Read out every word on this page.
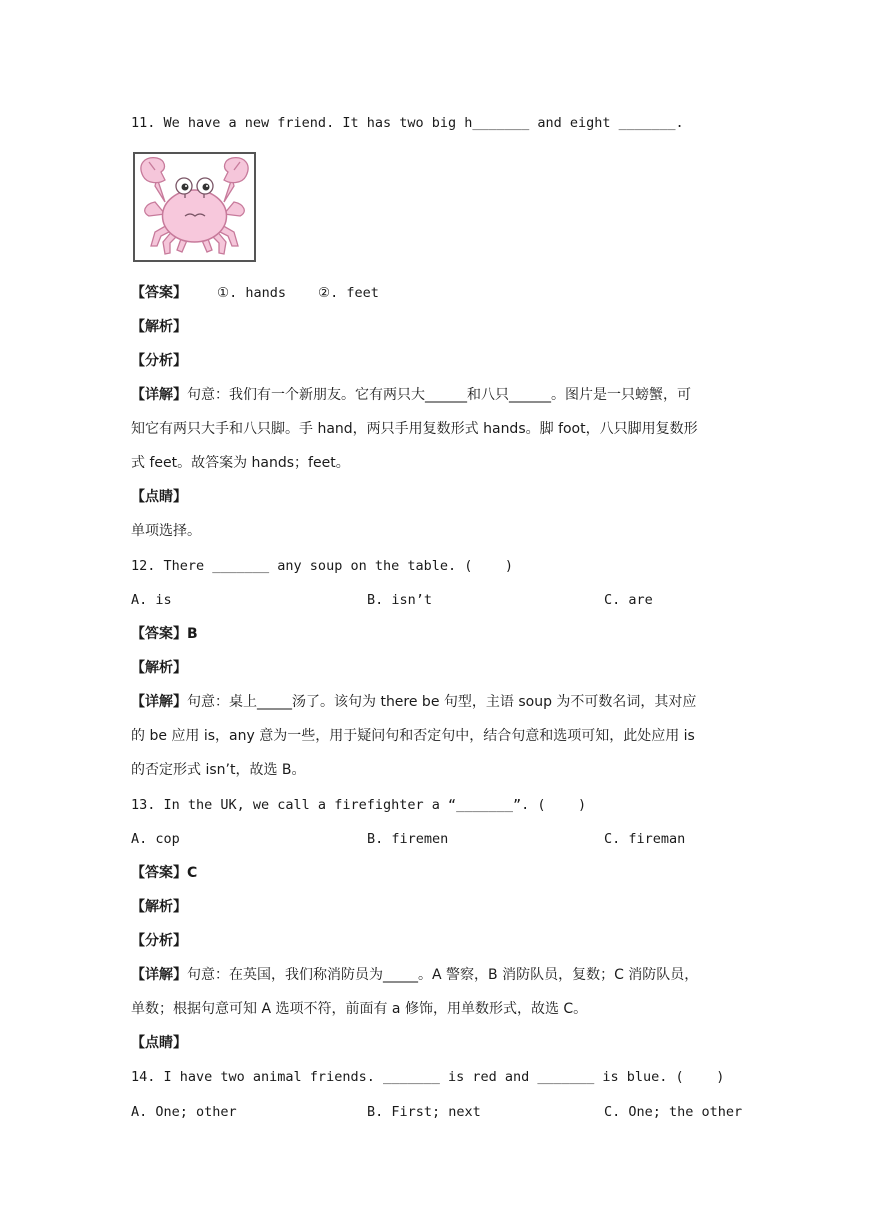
11. We have a new friend. It has two big h_______ and eight _______.
【答案】 ①. hands ②. feet
【解析】
【分析】
【详解】句意：我们有一个新朋友。它有两只大______和八只______。图片是一只螃蟹，可
知它有两只大手和八只脚。手 hand，两只手用复数形式 hands。脚 foot，八只脚用复数形
式 feet。故答案为 hands；feet。
【点睛】
单项选择。
12. There _______ any soup on the table. (    )
A. is	B. isn’t	C. are
【答案】B
【解析】
【详解】句意：桌上_____汤了。该句为 there be 句型，主语 soup 为不可数名词，其对应
的 be 应用 is，any 意为一些，用于疑问句和否定句中，结合句意和选项可知，此处应用 is
的否定形式 isn’t，故选 B。
13. In the UK, we call a firefighter a “_______”. (    )
A. cop	B. firemen	C. fireman
【答案】C
【解析】
【分析】
【详解】句意：在英国，我们称消防员为_____。A 警察，B 消防队员，复数；C 消防队员，
单数；根据句意可知 A 选项不符，前面有 a 修饰，用单数形式，故选 C。
【点睛】
14. I have two animal friends. _______ is red and _______ is blue. (    )
A. One; other	B. First; next	C. One; the other
